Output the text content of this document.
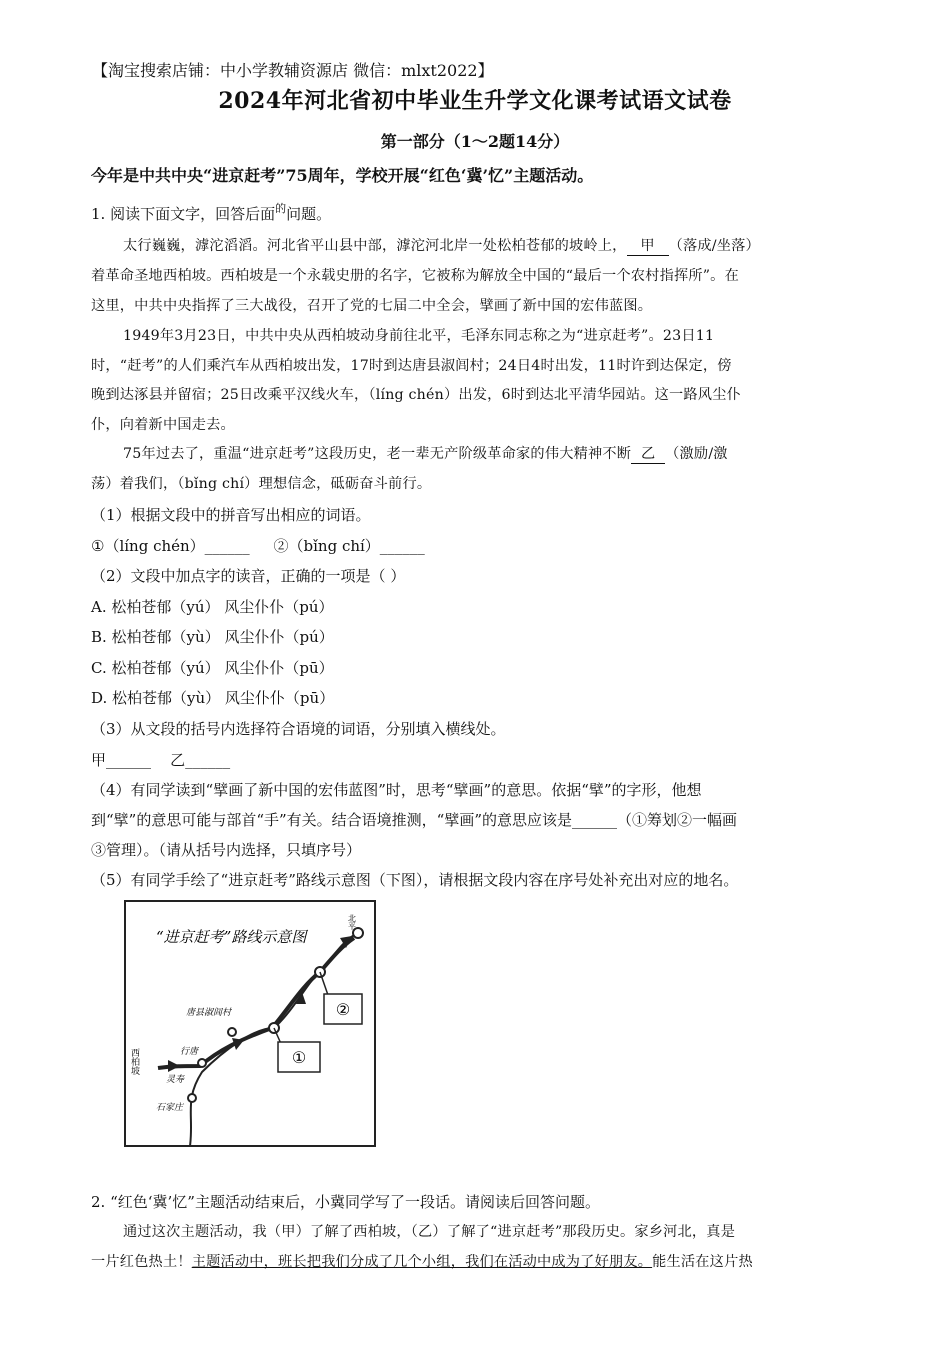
【淘宝搜索店铺：中小学教辅资源店 微信：mlxt2022】
2024年河北省初中毕业生升学文化课考试语文试卷
第一部分（1～2题14分）
今年是中共中央“进京赶考”75周年，学校开展“红色‘冀’忆”主题活动。
1. 阅读下面文字，回答后面$^的$问题。
太行巍巍，滹沱滔滔。河北省平山县中部，滹沱河北岸一处松柏苍郁的坡岭上， 甲 （落成/坐落）
着革命圣地西柏坡。西柏坡是一个永载史册的名字，它被称为解放全中国的“最后一个农村指挥所”。在
这里，中共中央指挥了三大战役，召开了党的七届二中全会，擘画了新中国的宏伟蓝图。
1949年3月23日，中共中央从西柏坡动身前往北平，毛泽东同志称之为“进京赶考”。23日11
时，“赶考”的人们乘汽车从西柏坡出发，17时到达唐县淑闾村；24日4时出发，11时许到达保定，傍
晚到达涿县并留宿；25日改乘平汉线火车，（líng chén）出发，6时到达北平清华园站。这一路风尘仆
仆，向着新中国走去。
75年过去了，重温“进京赶考”这段历史，老一辈无产阶级革命家的伟大精神不断 乙 （激励/激
荡）着我们，（bǐng chí）理想信念，砥砺奋斗前行。
（1）根据文段中的拼音写出相应的词语。
①（líng chén）______     ②（bǐng chí）______
（2）文段中加点字的读音，正确的一项是（ ）
A. 松柏苍郁（yú） 风尘仆仆（pú）
B. 松柏苍郁（yù） 风尘仆仆（pú）
C. 松柏苍郁（yú） 风尘仆仆（pū）
D. 松柏苍郁（yù） 风尘仆仆（pū）
（3）从文段的括号内选择符合语境的词语，分别填入横线处。
甲______    乙______
（4）有同学读到“擘画了新中国的宏伟蓝图”时，思考“擘画”的意思。依据“擘”的字形，他想
到“擘”的意思可能与部首“手”有关。结合语境推测，“擘画”的意思应该是______（①筹划②一幅画
③管理）。（请从括号内选择，只填序号）
（5）有同学手绘了“进京赶考”路线示意图（下图），请根据文段内容在序号处补充出对应的地名。
“进京赶考”路线示意图
②
①
北平
唐县淑闾村
西柏坡	行唐
灵寿
石家庄
2. “红色‘冀’忆”主题活动结束后，小冀同学写了一段话。请阅读后回答问题。
通过这次主题活动，我（甲）了解了西柏坡，（乙）了解了“进京赶考”那段历史。家乡河北，真是
一片红色热土！主题活动中，班长把我们分成了几个小组，我们在活动中成为了好朋友。能生活在这片热
